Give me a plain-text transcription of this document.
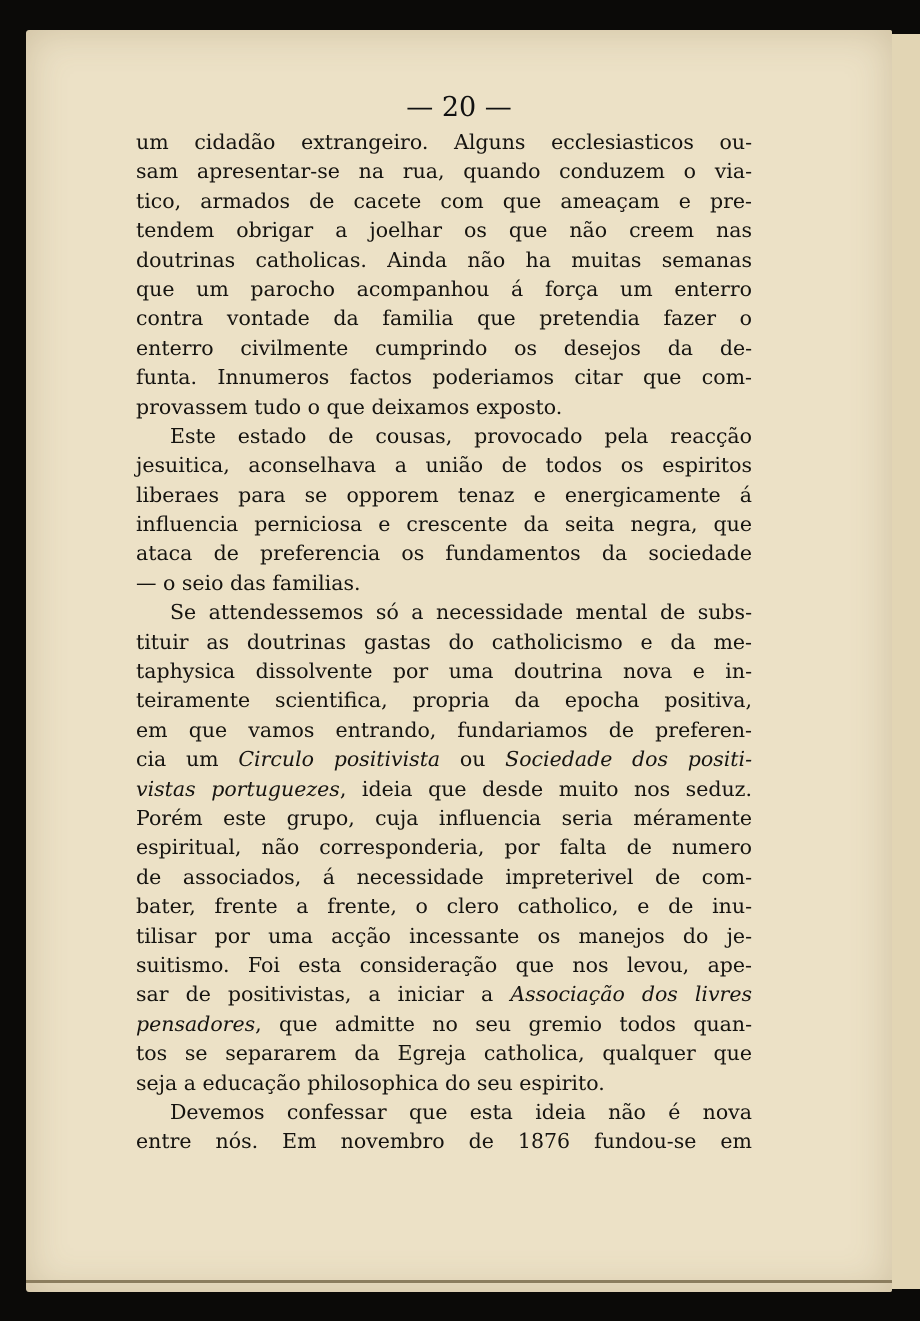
— 20 —
um cidadão extrangeiro. Alguns ecclesiasticos ou-
sam apresentar-se na rua, quando conduzem o via-
tico, armados de cacete com que ameaçam e pre-
tendem obrigar a joelhar os que não creem nas
doutrinas catholicas. Ainda não ha muitas semanas
que um parocho acompanhou á força um enterro
contra vontade da familia que pretendia fazer o
enterro civilmente cumprindo os desejos da de-
funta. Innumeros factos poderiamos citar que com-
provassem tudo o que deixamos exposto.
Este estado de cousas, provocado pela reacção
jesuitica, aconselhava a união de todos os espiritos
liberaes para se opporem tenaz e energicamente á
influencia perniciosa e crescente da seita negra, que
ataca de preferencia os fundamentos da sociedade
— o seio das familias.
Se attendessemos só a necessidade mental de subs-
tituir as doutrinas gastas do catholicismo e da me-
taphysica dissolvente por uma doutrina nova e in-
teiramente scientifica, propria da epocha positiva,
em que vamos entrando, fundariamos de preferen-
cia um Circulo positivista ou Sociedade dos positi-
vistas portuguezes, ideia que desde muito nos seduz.
Porém este grupo, cuja influencia seria méramente
espiritual, não corresponderia, por falta de numero
de associados, á necessidade impreterivel de com-
bater, frente a frente, o clero catholico, e de inu-
tilisar por uma acção incessante os manejos do je-
suitismo. Foi esta consideração que nos levou, ape-
sar de positivistas, a iniciar a Associação dos livres
pensadores, que admitte no seu gremio todos quan-
tos se separarem da Egreja catholica, qualquer que
seja a educação philosophica do seu espirito.
Devemos confessar que esta ideia não é nova
entre nós. Em novembro de 1876 fundou-se em
